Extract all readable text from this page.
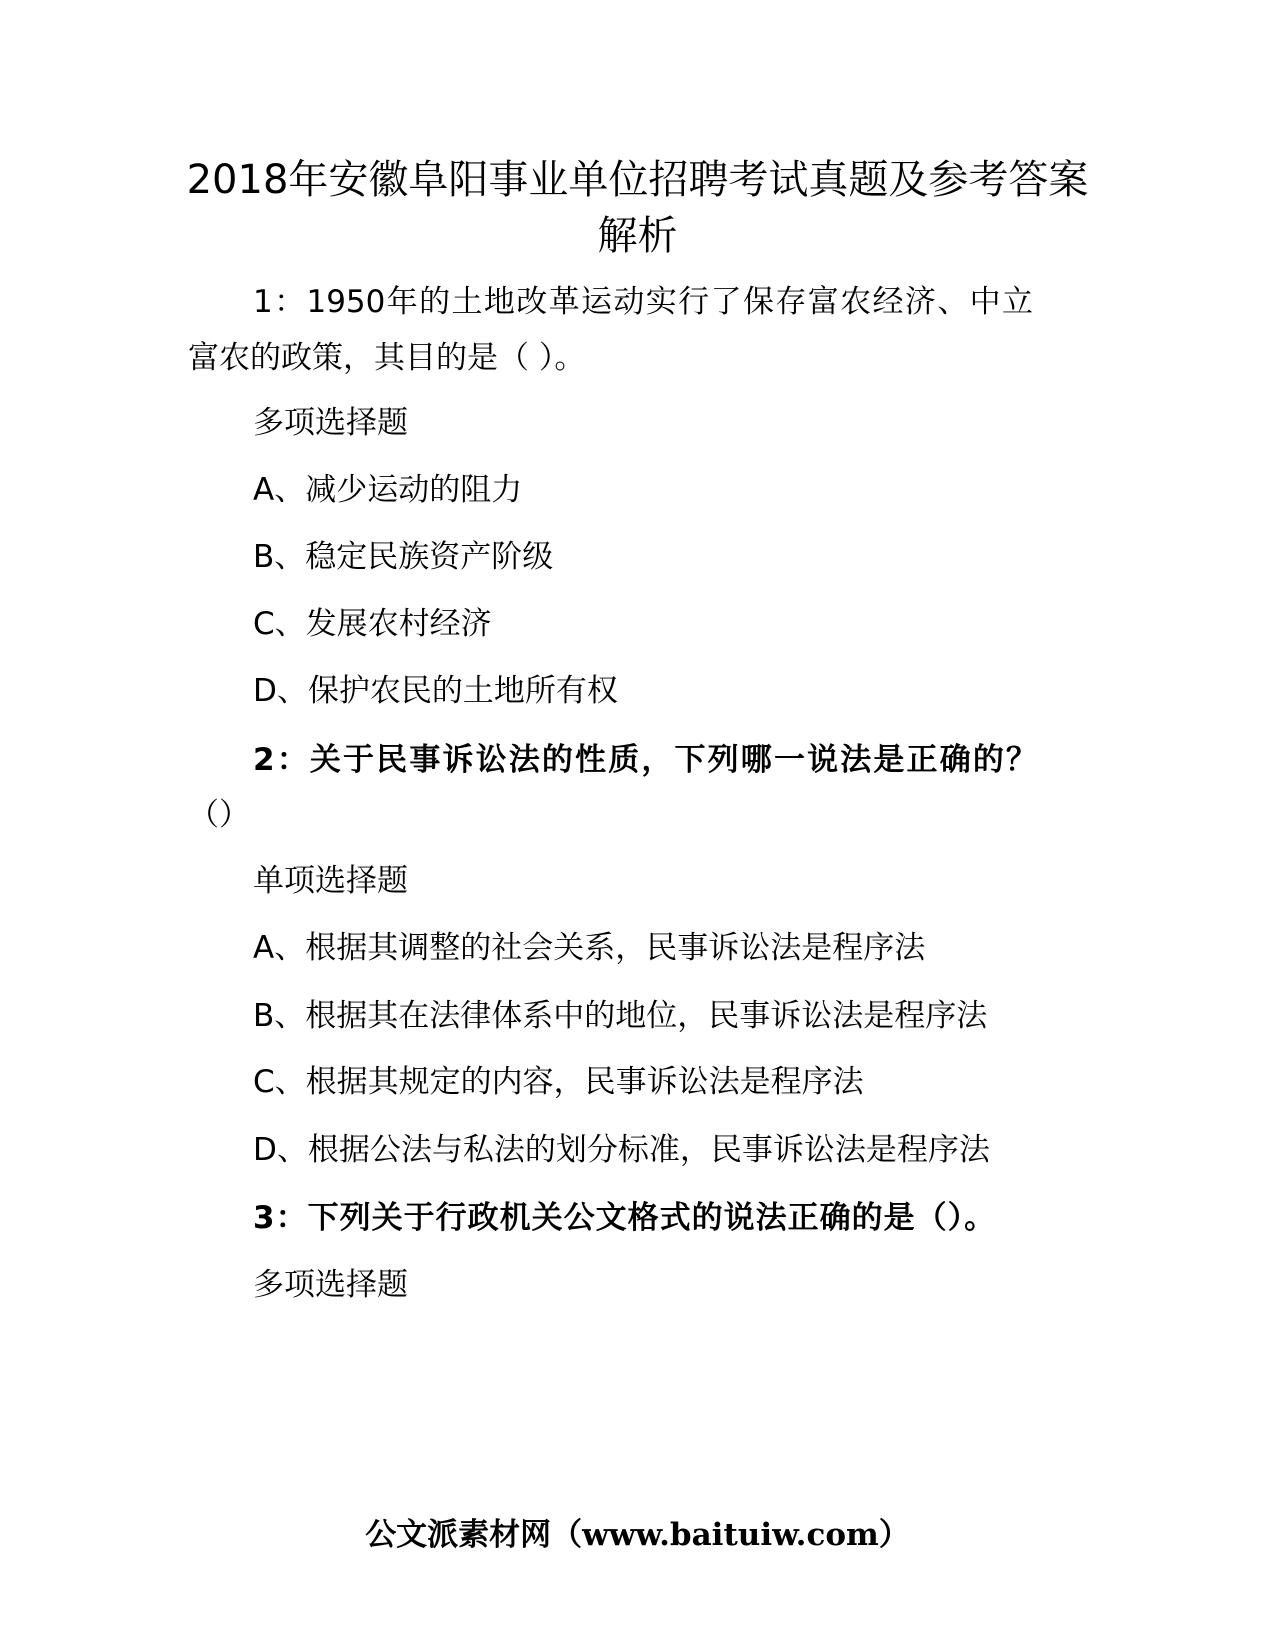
2018年安徽阜阳事业单位招聘考试真题及参考答案解析

1：1950年的土地改革运动实行了保存富农经济、中立

富农的政策，其目的是（ ）。

多项选择题

A、减少运动的阻力

B、稳定民族资产阶级

C、发展农村经济

D、保护农民的土地所有权

2：关于民事诉讼法的性质，下列哪一说法是正确的？

（）

单项选择题

A、根据其调整的社会关系，民事诉讼法是程序法

B、根据其在法律体系中的地位，民事诉讼法是程序法

C、根据其规定的内容，民事诉讼法是程序法

D、根据公法与私法的划分标准，民事诉讼法是程序法

3：下列关于行政机关公文格式的说法正确的是（）。

多项选择题

公文派素材网（www.baituiw.com）
